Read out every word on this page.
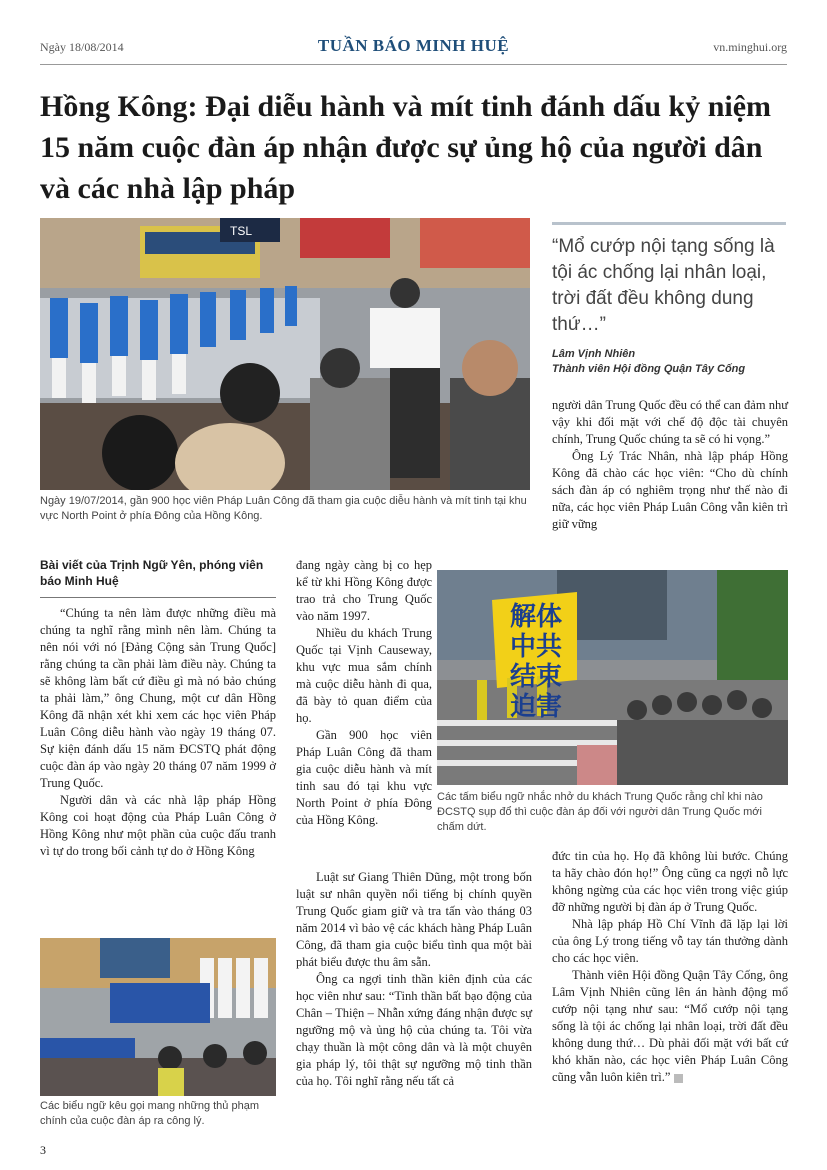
Ngày 18/08/2014	TUẦN BÁO MINH HUỆ	vn.minghui.org
Hồng Kông: Đại diễu hành và mít tinh đánh dấu kỷ niệm 15 năm cuộc đàn áp nhận được sự ủng hộ của người dân và các nhà lập pháp
TSL
Ngày 19/07/2014, gần 900 học viên Pháp Luân Công đã tham gia cuộc diễu hành và mít tinh tại khu vực North Point ở phía Đông của Hồng Kông.
“Mổ cướp nội tạng sống là tội ác chống lại nhân loại, trời đất đều không dung thứ…”
Lâm Vịnh Nhiên
Thành viên Hội đồng Quận Tây Cống

người dân Trung Quốc đều có thể can đảm như vậy khi đối mặt với chế độ độc tài chuyên chính, Trung Quốc chúng ta sẽ có hi vọng.”

Ông Lý Trác Nhân, nhà lập pháp Hồng Kông đã chào các học viên: “Cho dù chính sách đàn áp có nghiêm trọng như thế nào đi nữa, các học viên Pháp Luân Công vẫn kiên trì giữ vững

Bài viết của Trịnh Ngữ Yên, phóng viên báo Minh Huệ

“Chúng ta nên làm được những điều mà chúng ta nghĩ rằng mình nên làm. Chúng ta nên nói với nó [Đảng Cộng sản Trung Quốc] rằng chúng ta cần phải làm điều này. Chúng ta sẽ không làm bất cứ điều gì mà nó bảo chúng ta phải làm,” ông Chung, một cư dân Hồng Kông đã nhận xét khi xem các học viên Pháp Luân Công diễu hành vào ngày 19 tháng 07. Sự kiện đánh dấu 15 năm ĐCSTQ phát động cuộc đàn áp vào ngày 20 tháng 07 năm 1999 ở Trung Quốc.

Người dân và các nhà lập pháp Hồng Kông coi hoạt động của Pháp Luân Công ở Hồng Kông như một phần của cuộc đấu tranh vì tự do trong bối cảnh tự do ở Hồng Kông

Các biểu ngữ kêu gọi mang những thủ phạm chính của cuộc đàn áp ra công lý.

đang ngày càng bị co hẹp kể từ khi Hồng Kông được trao trả cho Trung Quốc vào năm 1997.

Nhiều du khách Trung Quốc tại Vịnh Causeway, khu vực mua sắm chính mà cuộc diễu hành đi qua, đã bày tỏ quan điểm của họ.

Gần 900 học viên Pháp Luân Công đã tham gia cuộc diễu hành và mít tinh sau đó tại khu vực North Point ở phía Đông của Hồng Kông.

Luật sư Giang Thiên Dũng, một trong bốn luật sư nhân quyền nổi tiếng bị chính quyền Trung Quốc giam giữ và tra tấn vào tháng 03 năm 2014 vì bảo vệ các khách hàng Pháp Luân Công, đã tham gia cuộc biểu tình qua một bài phát biểu được thu âm sẵn.

Ông ca ngợi tinh thần kiên định của các học viên như sau: “Tinh thần bất bạo động của Chân – Thiện – Nhẫn xứng đáng nhận được sự ngưỡng mộ và ủng hộ của chúng ta. Tôi vừa chạy thuần là một công dân và là một chuyên gia pháp lý, tôi thật sự ngưỡng mộ tinh thần của họ. Tôi nghĩ rằng nếu tất cả

解体中共 结束迫害
Các tấm biểu ngữ nhắc nhở du khách Trung Quốc rằng chỉ khi nào ĐCSTQ sụp đổ thì cuộc đàn áp đối với người dân Trung Quốc mới chấm dứt.

đức tin của họ. Họ đã không lùi bước. Chúng ta hãy chào đón họ!” Ông cũng ca ngợi nỗ lực không ngừng của các học viên trong việc giúp đỡ những người bị đàn áp ở Trung Quốc.

Nhà lập pháp Hồ Chí Vĩnh đã lặp lại lời của ông Lý trong tiếng vỗ tay tán thưởng dành cho các học viên.

Thành viên Hội đồng Quận Tây Cống, ông Lâm Vịnh Nhiên cũng lên án hành động mổ cướp nội tạng như sau: “Mổ cướp nội tạng sống là tội ác chống lại nhân loại, trời đất đều không dung thứ… Dù phải đối mặt với bất cứ khó khăn nào, các học viên Pháp Luân Công cũng vẫn luôn kiên trì.”

3
